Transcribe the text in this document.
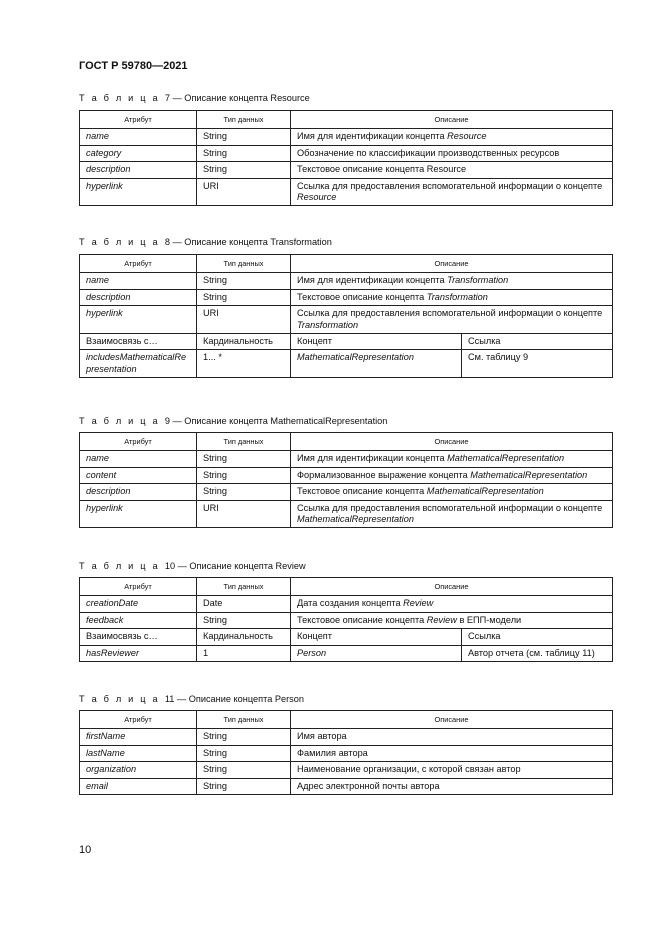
ГОСТ Р 59780—2021
Т а б л и ц а 7 — Описание концепта Resource
Атрибут	Тип данных	Описание
name	String	Имя для идентификации концепта Resource
category	String	Обозначение по классификации производственных ресурсов
description	String	Текстовое описание концепта Resource
hyperlink	URI	Ссылка для предоставления вспомогательной информации о концепте Resource
Т а б л и ц а 8 — Описание концепта Transformation
Атрибут	Тип данных	Описание	
name	String	Имя для идентификации концепта Transformation	
description	String	Текстовое описание концепта Transformation	
hyperlink	URI	Ссылка для предоставления вспомогательной информации о концепте Transformation	
Взаимосвязь с…	Кардинальность	Концепт	Ссылка
includesMathematicalRepresentation	1... *	MathematicalRepresentation	См. таблицу 9
Т а б л и ц а 9 — Описание концепта MathematicalRepresentation
Атрибут	Тип данных	Описание
name	String	Имя для идентификации концепта MathematicalRepresentation
content	String	Формализованное выражение концепта MathematicalRepresentation
description	String	Текстовое описание концепта MathematicalRepresentation
hyperlink	URI	Ссылка для предоставления вспомогательной информации о концепте MathematicalRepresentation
Т а б л и ц а 10 — Описание концепта Review
Атрибут	Тип данных	Описание	
creationDate	Date	Дата создания концепта Review	
feedback	String	Текстовое описание концепта Review в ЕПП-модели	
Взаимосвязь с…	Кардинальность	Концепт	Ссылка
hasReviewer	1	Person	Автор отчета (см. таблицу 11)
Т а б л и ц а 11 — Описание концепта Person
Атрибут	Тип данных	Описание
firstName	String	Имя автора
lastName	String	Фамилия автора
organization	String	Наименование организации, с которой связан автор
email	String	Адрес электронной почты автора
10
